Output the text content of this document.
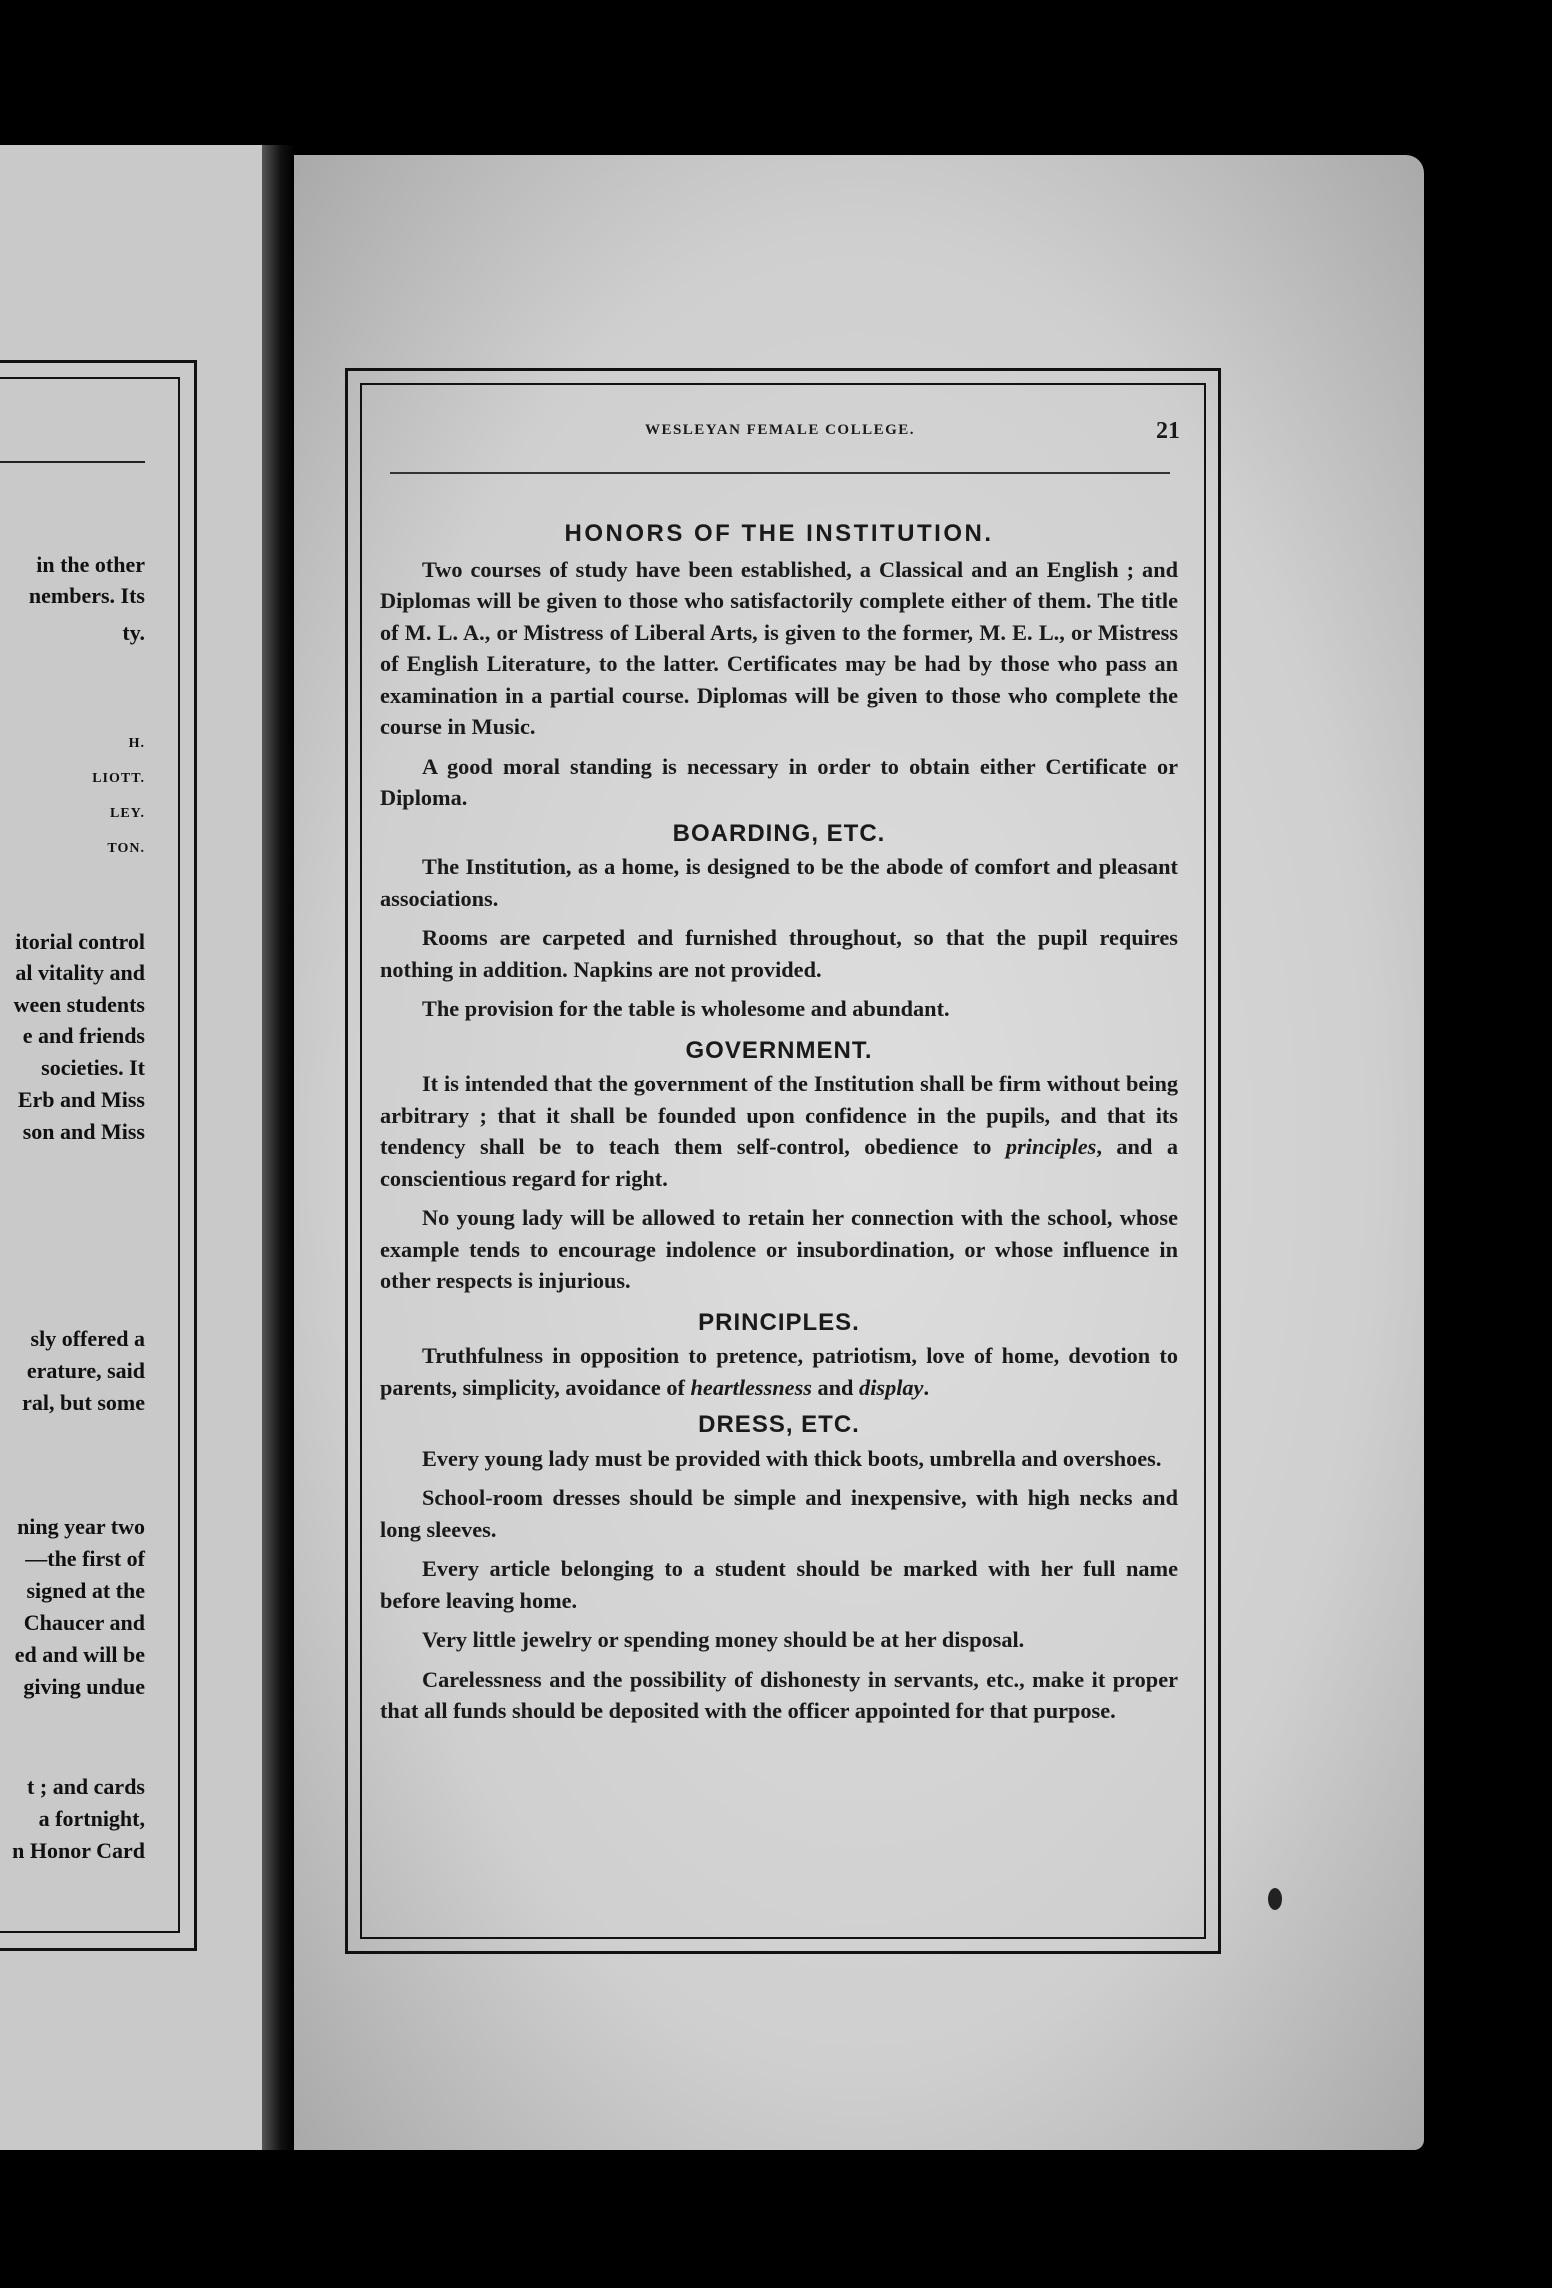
in the other
nembers. Its
ty.
H.
LIOTT.
LEY.
TON.
itorial control
al vitality and
ween students
e and friends
societies. It
Erb and Miss
son and Miss
sly offered a
erature, said
ral, but some
ning year two
—the first of
signed at the
Chaucer and
ed and will be
giving undue
t ; and cards
a fortnight,
n Honor Card
WESLEYAN FEMALE COLLEGE.	21
HONORS OF THE INSTITUTION.

Two courses of study have been established, a Classical and an English ; and Diplomas will be given to those who satisfactorily complete either of them. The title of M. L. A., or Mistress of Liberal Arts, is given to the former, M. E. L., or Mistress of English Literature, to the latter. Certificates may be had by those who pass an examination in a partial course. Diplomas will be given to those who complete the course in Music.

A good moral standing is necessary in order to obtain either Certificate or Diploma.

BOARDING, ETC.

The Institution, as a home, is designed to be the abode of comfort and pleasant associations.

Rooms are carpeted and furnished throughout, so that the pupil requires nothing in addition. Napkins are not provided.

The provision for the table is wholesome and abundant.

GOVERNMENT.

It is intended that the government of the Institution shall be firm without being arbitrary ; that it shall be founded upon confidence in the pupils, and that its tendency shall be to teach them self-control, obedience to principles, and a conscientious regard for right.

No young lady will be allowed to retain her connection with the school, whose example tends to encourage indolence or insubordination, or whose influence in other respects is injurious.

PRINCIPLES.

Truthfulness in opposition to pretence, patriotism, love of home, devotion to parents, simplicity, avoidance of heartlessness and display.

DRESS, ETC.

Every young lady must be provided with thick boots, umbrella and overshoes.

School-room dresses should be simple and inexpensive, with high necks and long sleeves.

Every article belonging to a student should be marked with her full name before leaving home.

Very little jewelry or spending money should be at her disposal.

Carelessness and the possibility of dishonesty in servants, etc., make it proper that all funds should be deposited with the officer appointed for that purpose.
